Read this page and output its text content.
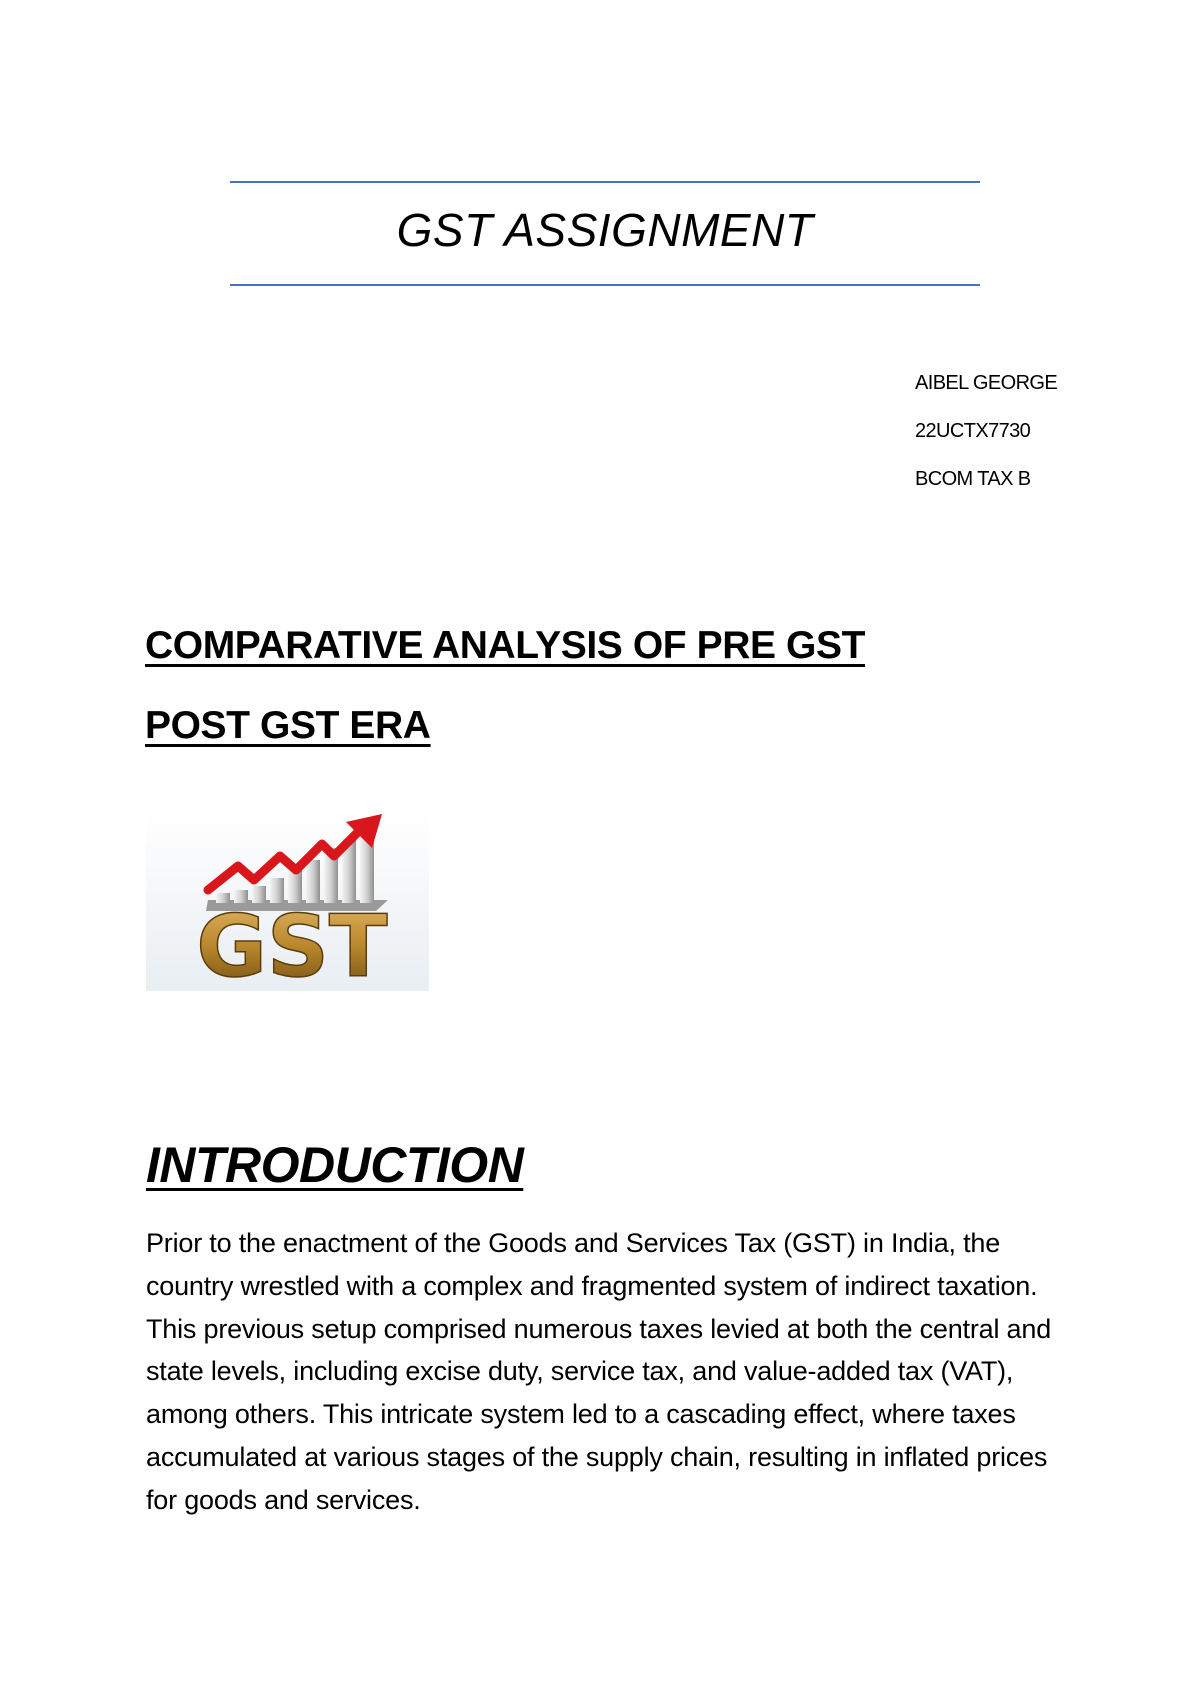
GST ASSIGNMENT
AIBEL GEORGE
22UCTX7730
BCOM TAX B
COMPARATIVE ANALYSIS OF PRE GST
POST GST ERA
GST
INTRODUCTION
Prior to the enactment of the Goods and Services Tax (GST) in India, the country wrestled with a complex and fragmented system of indirect taxation. This previous setup comprised numerous taxes levied at both the central and state levels, including excise duty, service tax, and value-added tax (VAT), among others. This intricate system led to a cascading effect, where taxes accumulated at various stages of the supply chain, resulting in inflated prices for goods and services.
